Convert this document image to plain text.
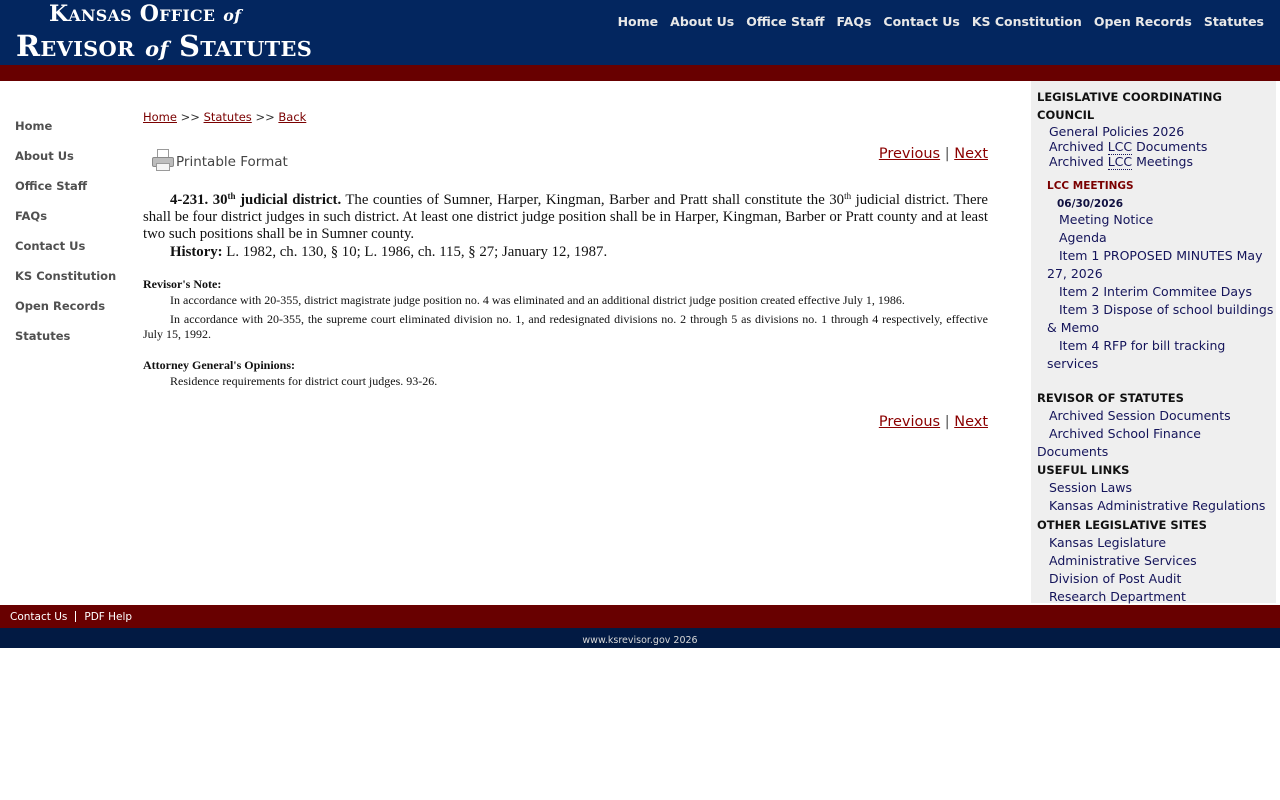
KANSAS OFFICE of
REVISOR of STATUTES
Home About Us Office Staff FAQs Contact Us KS Constitution Open Records Statutes
Home
About Us
Office Staff
FAQs
Contact Us
KS Constitution
Open Records
Statutes
Home >> Statutes >> Back
Printable Format	Previous | Next

4-231. 30th judicial district. The counties of Sumner, Harper, Kingman, Barber and Pratt shall constitute the 30th judicial district. There shall be four district judges in such district. At least one district judge position shall be in Harper, Kingman, Barber or Pratt county and at least two such positions shall be in Sumner county.

History: L. 1982, ch. 130, § 10; L. 1986, ch. 115, § 27; January 12, 1987.

Revisor's Note:

In accordance with 20-355, district magistrate judge position no. 4 was eliminated and an additional district judge position created effective July 1, 1986.

In accordance with 20-355, the supreme court eliminated division no. 1, and redesignated divisions no. 2 through 5 as divisions no. 1 through 4 respectively, effective July 15, 1992.

Attorney General's Opinions:

Residence requirements for district court judges. 93-26.

Previous | Next
LEGISLATIVE COORDINATING COUNCIL
General Policies 2026
Archived LCC Documents
Archived LCC Meetings
LCC MEETINGS
06/30/2026
Meeting Notice
Agenda
Item 1 PROPOSED MINUTES May 27, 2026
Item 2 Interim Commitee Days
Item 3 Dispose of school buildings & Memo
Item 4 RFP for bill tracking services
REVISOR OF STATUTES
Archived Session Documents
Archived School Finance Documents
USEFUL LINKS
Session Laws
Kansas Administrative Regulations
OTHER LEGISLATIVE SITES
Kansas Legislature
Administrative Services
Division of Post Audit
Research Department
Contact Us PDF Help
www.ksrevisor.gov 2026
